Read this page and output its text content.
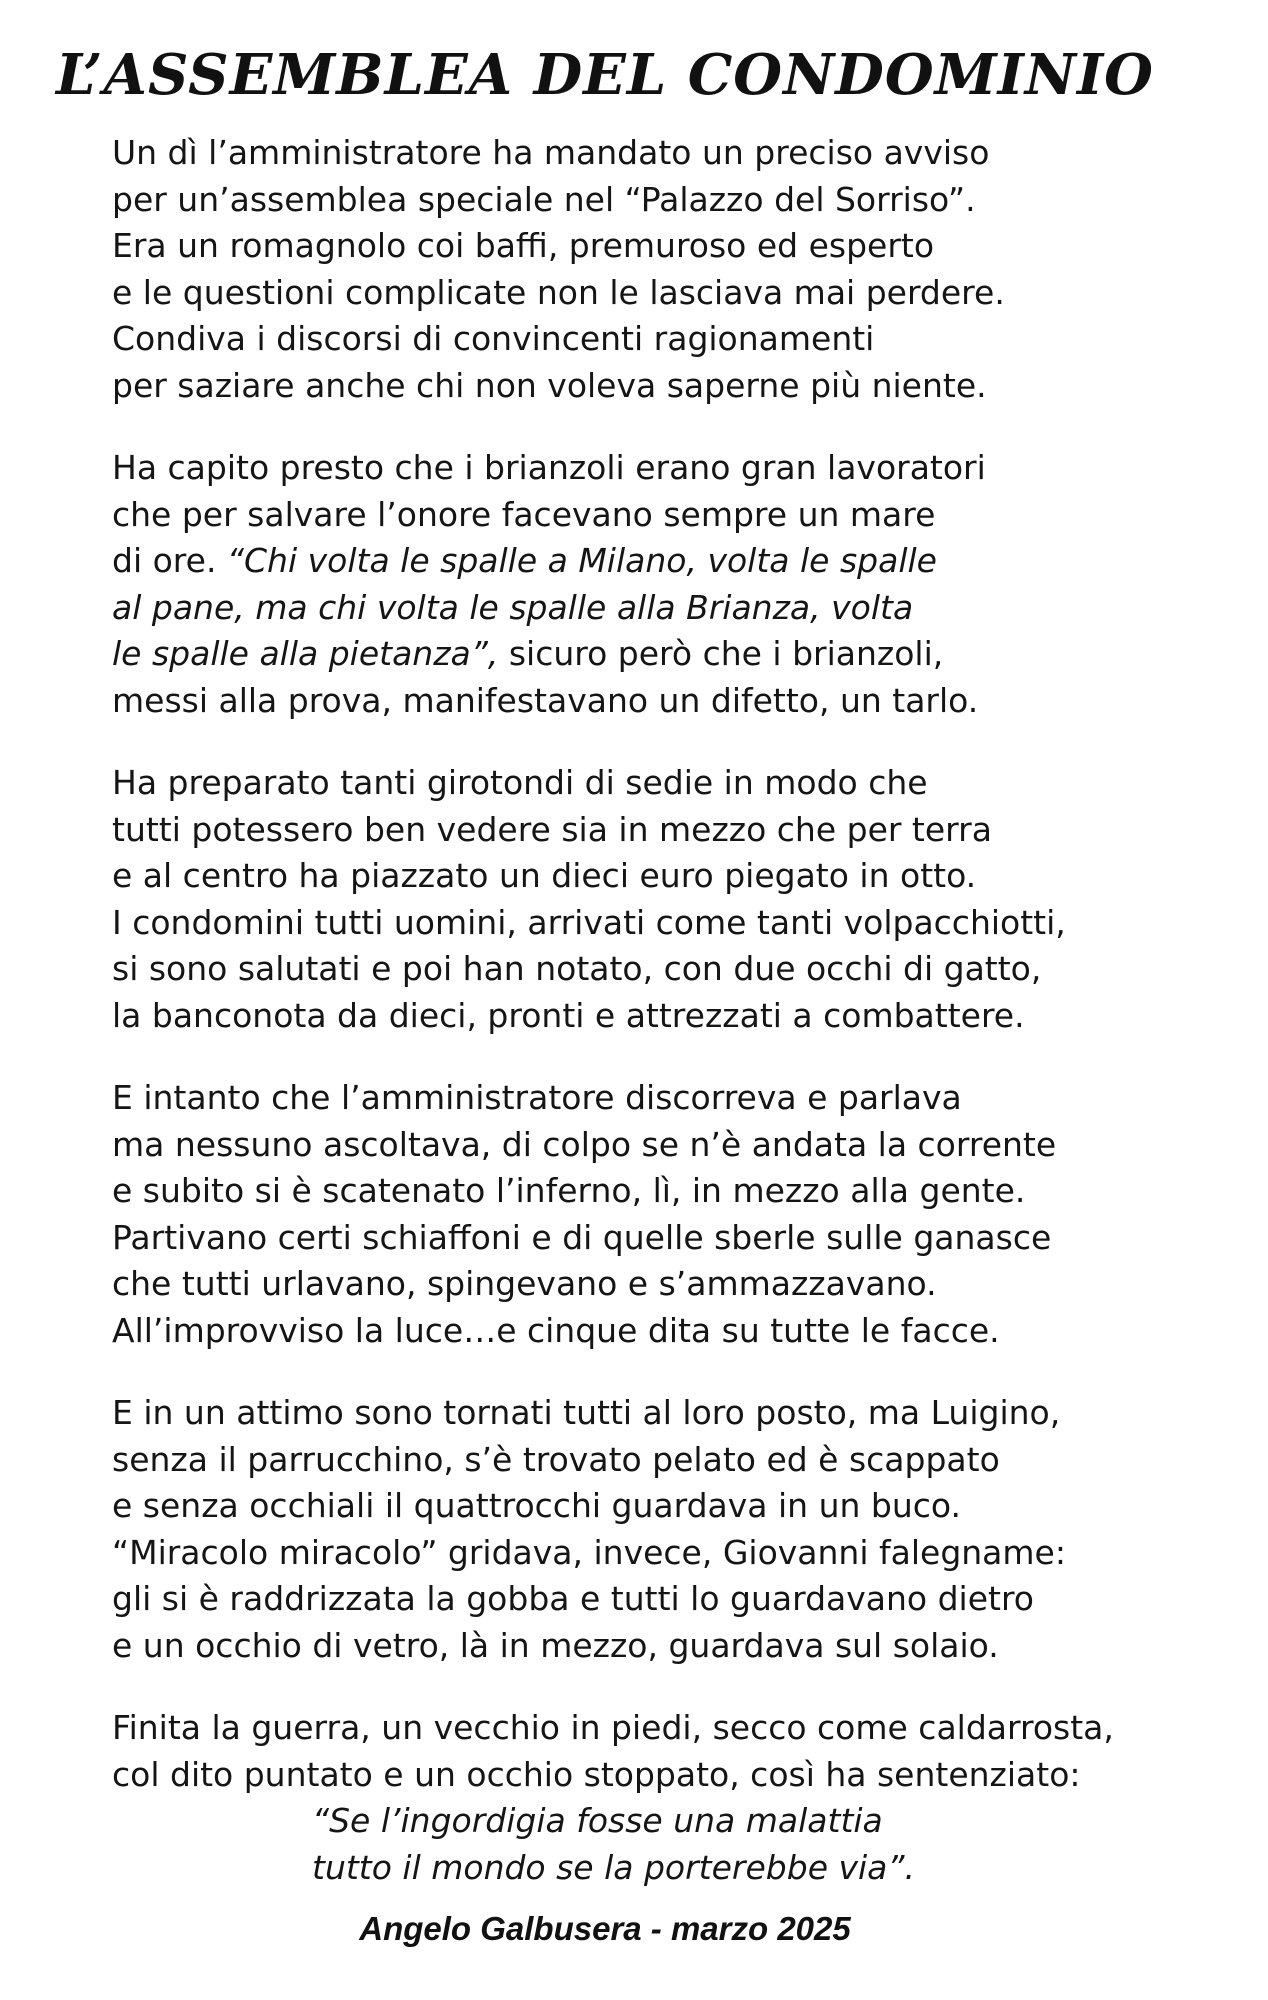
L’ASSEMBLEA DEL CONDOMINIO
Un dì l’amministratore ha mandato un preciso avviso
per un’assemblea speciale nel “Palazzo del Sorriso”.
Era un romagnolo coi baffi, premuroso ed esperto
e le questioni complicate non le lasciava mai perdere.
Condiva i discorsi di convincenti ragionamenti
per saziare anche chi non voleva saperne più niente.
Ha capito presto che i brianzoli erano gran lavoratori
che per salvare l’onore facevano sempre un mare
di ore. “Chi volta le spalle a Milano, volta le spalle
al pane, ma chi volta le spalle alla Brianza, volta
le spalle alla pietanza”, sicuro però che i brianzoli,
messi alla prova, manifestavano un difetto, un tarlo.
Ha preparato tanti girotondi di sedie in modo che
tutti potessero ben vedere sia in mezzo che per terra
e al centro ha piazzato un dieci euro piegato in otto.
I condomini tutti uomini, arrivati come tanti volpacchiotti,
si sono salutati e poi han notato, con due occhi di gatto,
la banconota da dieci, pronti e attrezzati a combattere.
E intanto che l’amministratore discorreva e parlava
ma nessuno ascoltava, di colpo se n’è andata la corrente
e subito si è scatenato l’inferno, lì, in mezzo alla gente.
Partivano certi schiaffoni e di quelle sberle sulle ganasce
che tutti urlavano, spingevano e s’ammazzavano.
All’improvviso la luce…e cinque dita su tutte le facce.
E in un attimo sono tornati tutti al loro posto, ma Luigino,
senza il parrucchino, s’è trovato pelato ed è scappato
e senza occhiali il quattrocchi guardava in un buco.
“Miracolo miracolo” gridava, invece, Giovanni falegname:
gli si è raddrizzata la gobba e tutti lo guardavano dietro
e un occhio di vetro, là in mezzo, guardava sul solaio.
Finita la guerra, un vecchio in piedi, secco come caldarrosta,
col dito puntato e un occhio stoppato, così ha sentenziato:
“Se l’ingordigia fosse una malattia
tutto il mondo se la porterebbe via”.
Angelo Galbusera - marzo 2025
